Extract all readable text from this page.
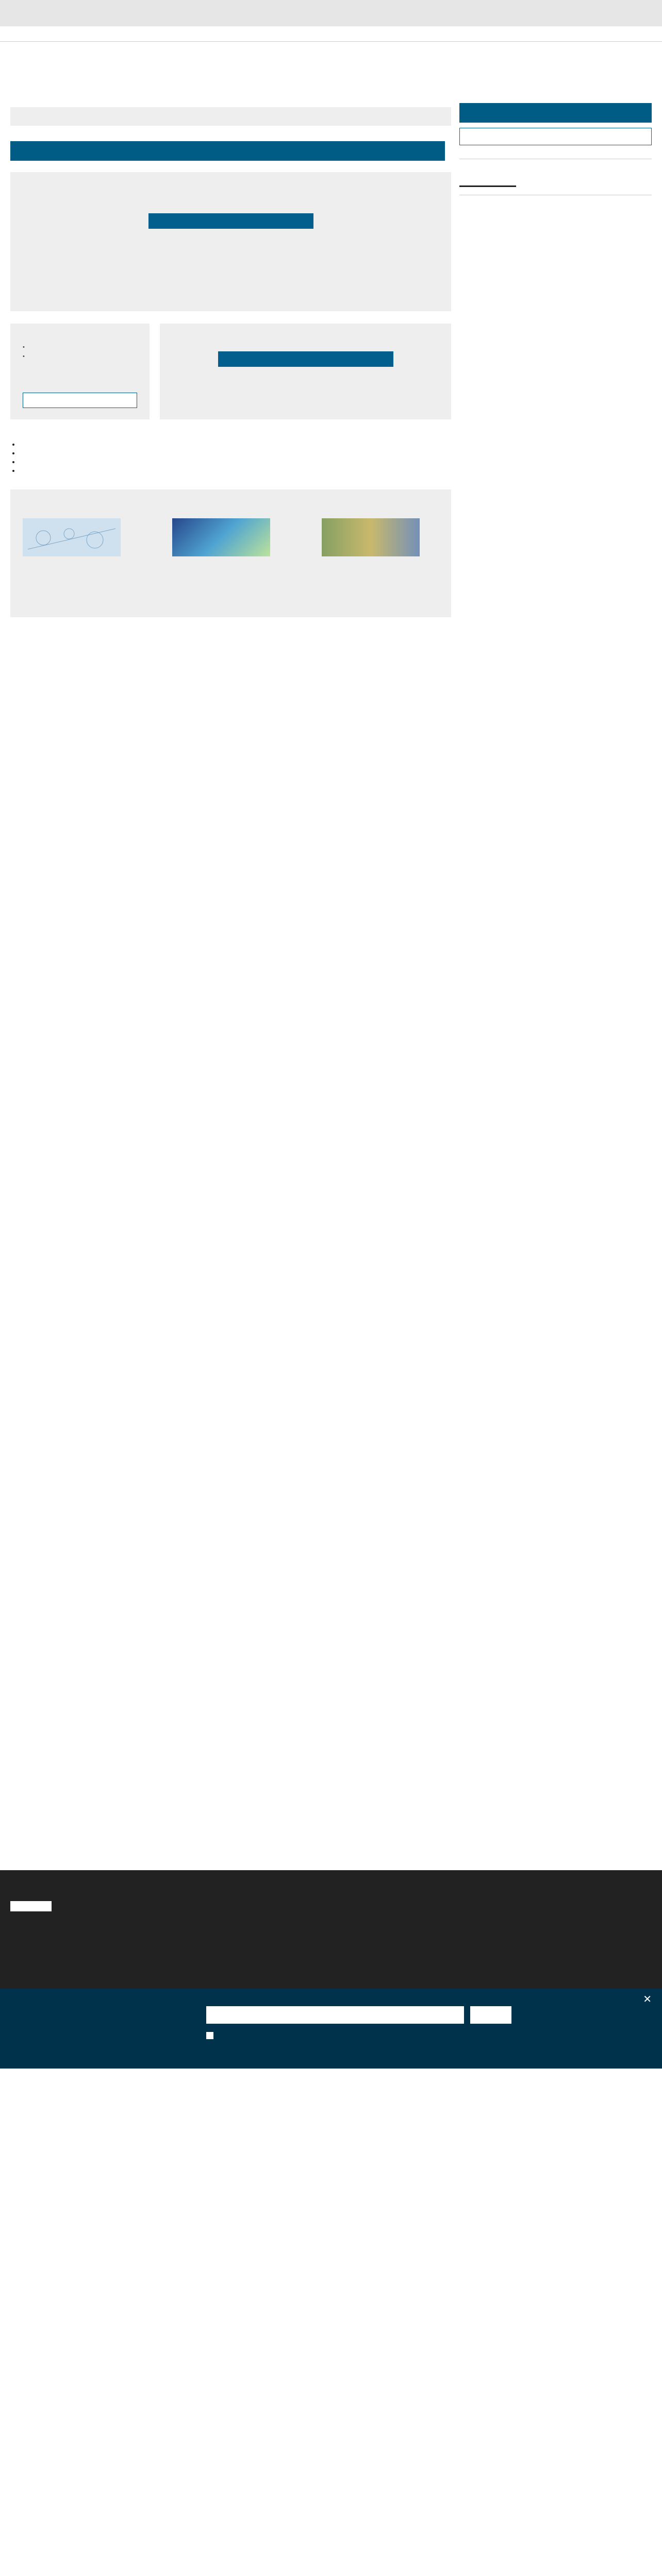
•
•
•
•
•
•

✕
